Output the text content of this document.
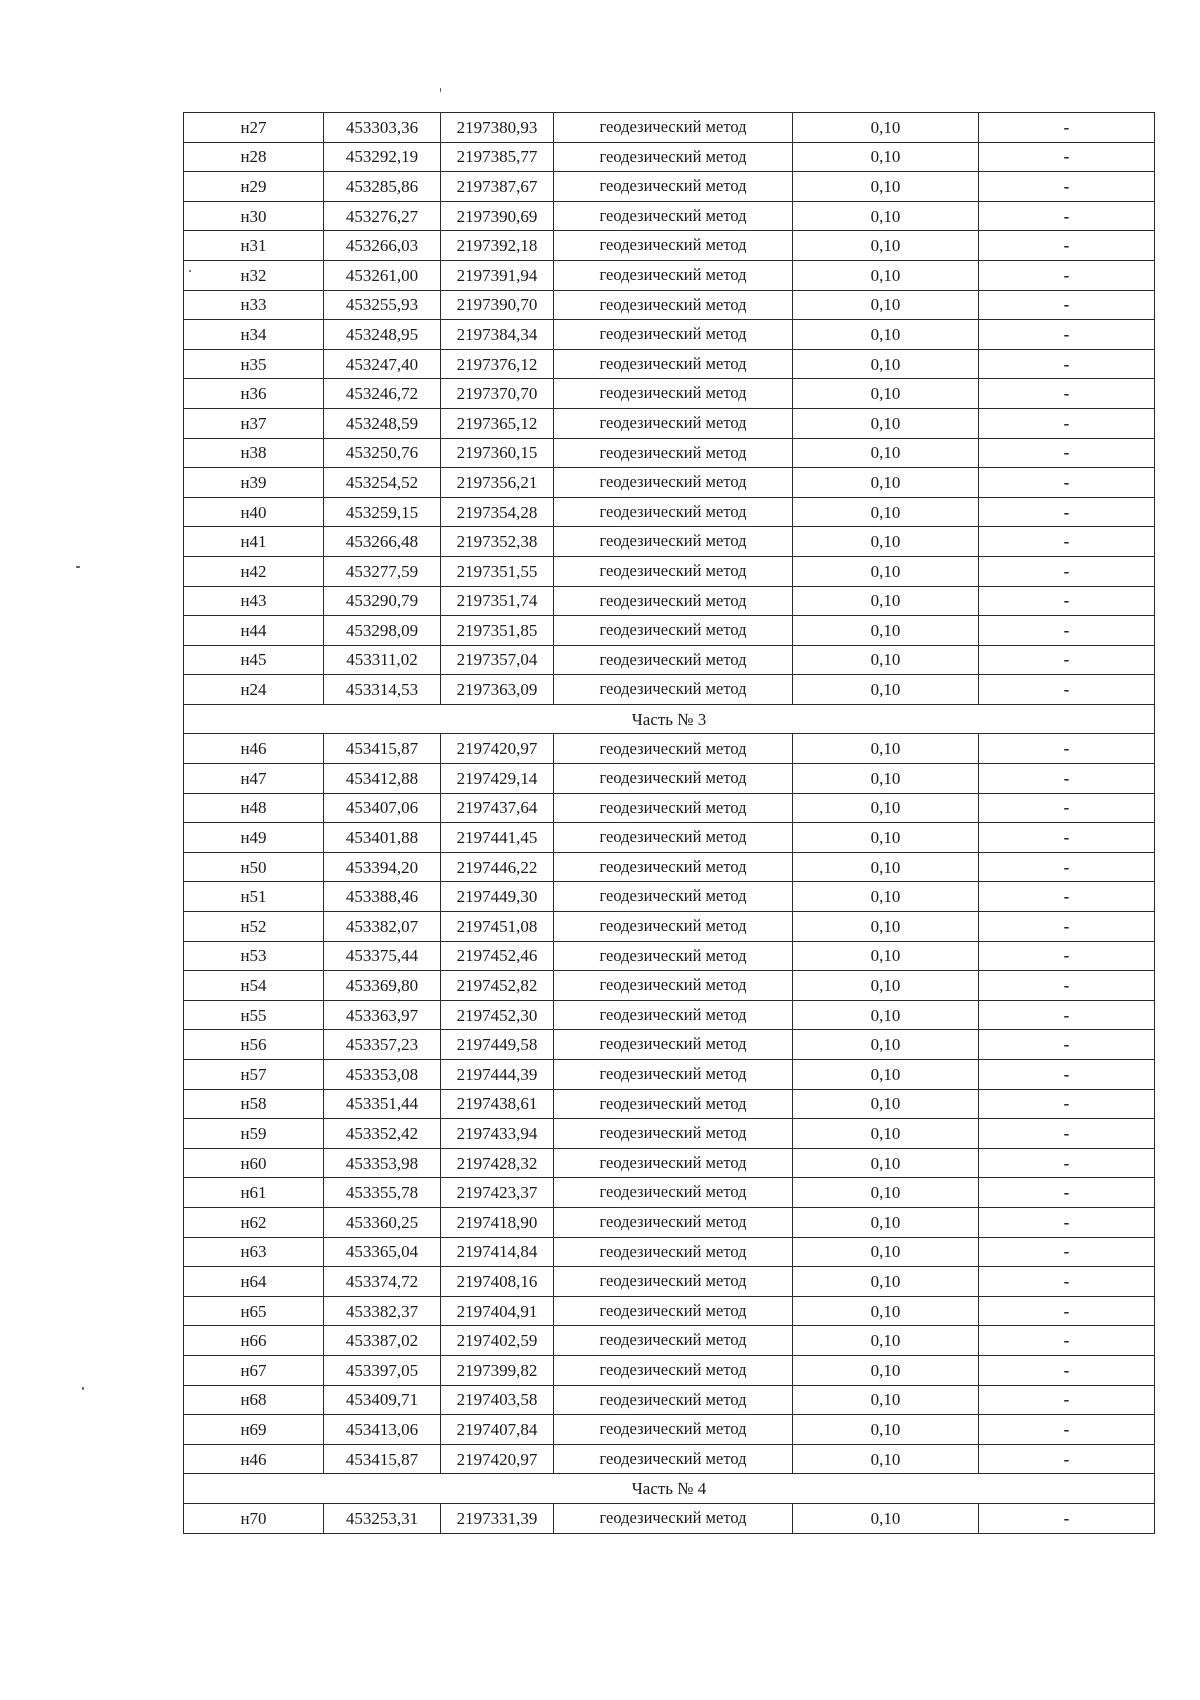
н27	453303,36	2197380,93	геодезический метод	0,10	-
н28	453292,19	2197385,77	геодезический метод	0,10	-
н29	453285,86	2197387,67	геодезический метод	0,10	-
н30	453276,27	2197390,69	геодезический метод	0,10	-
н31	453266,03	2197392,18	геодезический метод	0,10	-
н32	453261,00	2197391,94	геодезический метод	0,10	-
н33	453255,93	2197390,70	геодезический метод	0,10	-
н34	453248,95	2197384,34	геодезический метод	0,10	-
н35	453247,40	2197376,12	геодезический метод	0,10	-
н36	453246,72	2197370,70	геодезический метод	0,10	-
н37	453248,59	2197365,12	геодезический метод	0,10	-
н38	453250,76	2197360,15	геодезический метод	0,10	-
н39	453254,52	2197356,21	геодезический метод	0,10	-
н40	453259,15	2197354,28	геодезический метод	0,10	-
н41	453266,48	2197352,38	геодезический метод	0,10	-
н42	453277,59	2197351,55	геодезический метод	0,10	-
н43	453290,79	2197351,74	геодезический метод	0,10	-
н44	453298,09	2197351,85	геодезический метод	0,10	-
н45	453311,02	2197357,04	геодезический метод	0,10	-
н24	453314,53	2197363,09	геодезический метод	0,10	-
Часть № 3					
н46	453415,87	2197420,97	геодезический метод	0,10	-
н47	453412,88	2197429,14	геодезический метод	0,10	-
н48	453407,06	2197437,64	геодезический метод	0,10	-
н49	453401,88	2197441,45	геодезический метод	0,10	-
н50	453394,20	2197446,22	геодезический метод	0,10	-
н51	453388,46	2197449,30	геодезический метод	0,10	-
н52	453382,07	2197451,08	геодезический метод	0,10	-
н53	453375,44	2197452,46	геодезический метод	0,10	-
н54	453369,80	2197452,82	геодезический метод	0,10	-
н55	453363,97	2197452,30	геодезический метод	0,10	-
н56	453357,23	2197449,58	геодезический метод	0,10	-
н57	453353,08	2197444,39	геодезический метод	0,10	-
н58	453351,44	2197438,61	геодезический метод	0,10	-
н59	453352,42	2197433,94	геодезический метод	0,10	-
н60	453353,98	2197428,32	геодезический метод	0,10	-
н61	453355,78	2197423,37	геодезический метод	0,10	-
н62	453360,25	2197418,90	геодезический метод	0,10	-
н63	453365,04	2197414,84	геодезический метод	0,10	-
н64	453374,72	2197408,16	геодезический метод	0,10	-
н65	453382,37	2197404,91	геодезический метод	0,10	-
н66	453387,02	2197402,59	геодезический метод	0,10	-
н67	453397,05	2197399,82	геодезический метод	0,10	-
н68	453409,71	2197403,58	геодезический метод	0,10	-
н69	453413,06	2197407,84	геодезический метод	0,10	-
н46	453415,87	2197420,97	геодезический метод	0,10	-
Часть № 4					
н70	453253,31	2197331,39	геодезический метод	0,10	-
